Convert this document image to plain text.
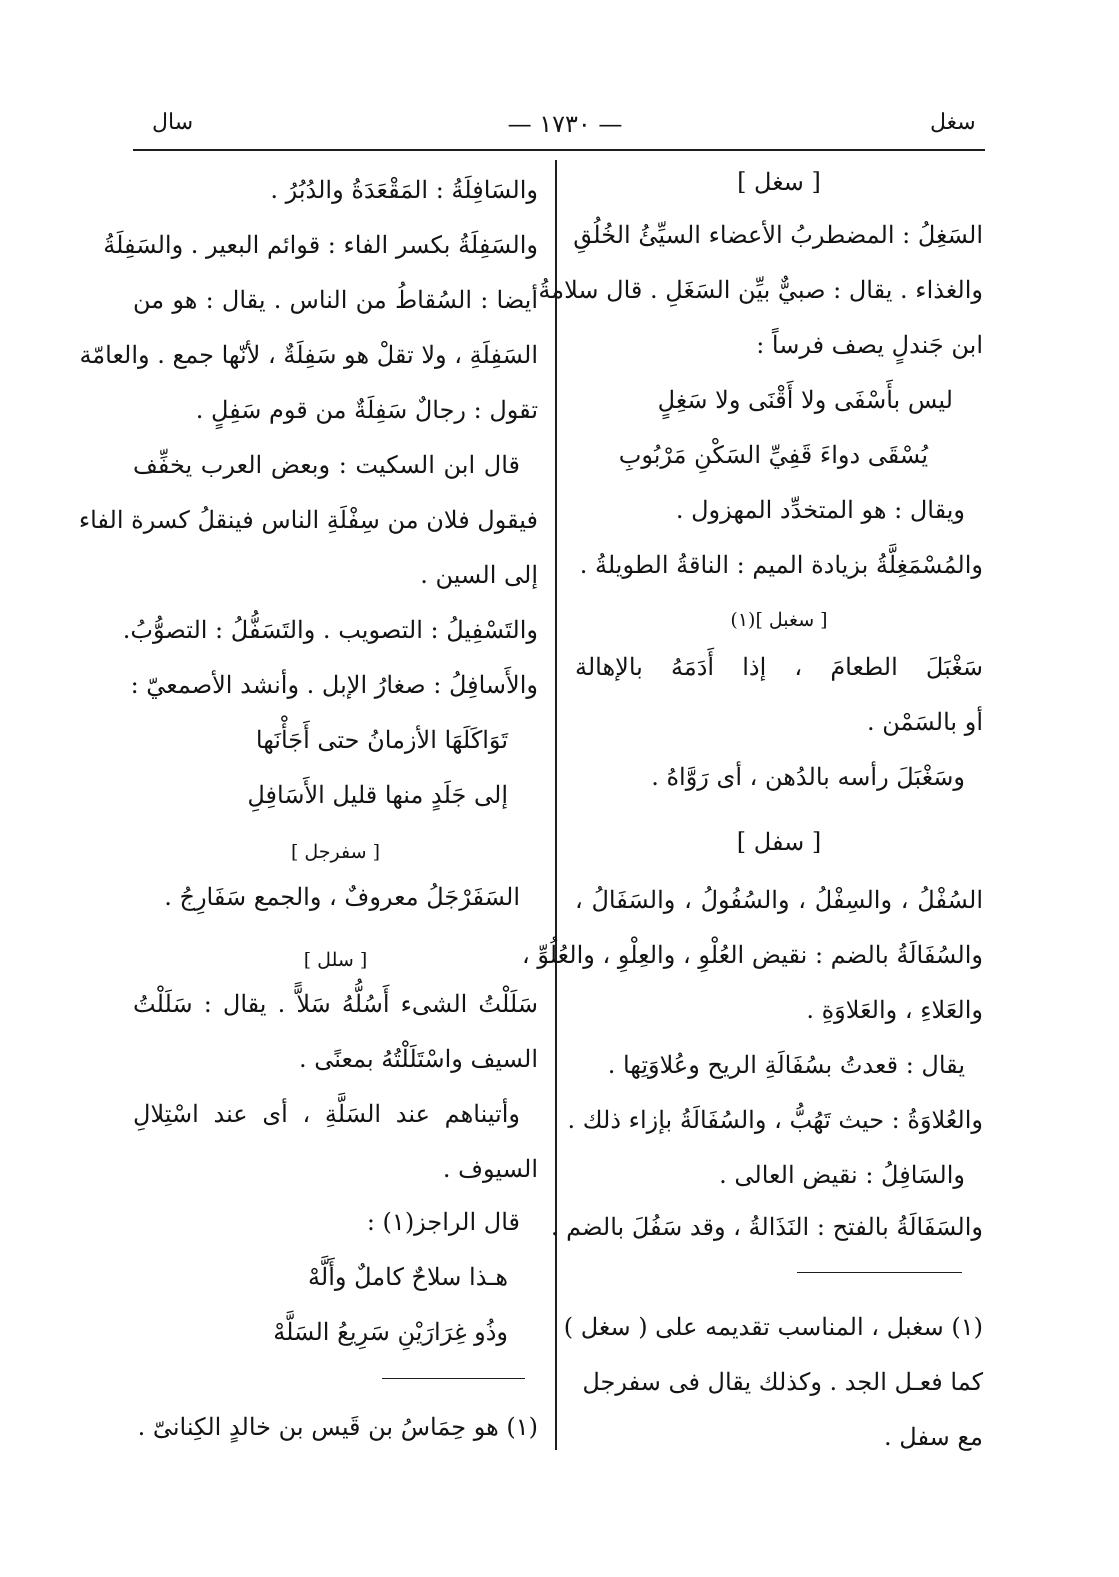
سال	— ١٧٣٠ —	سغل
[ سغل ]
السَغِلُ : المضطربُ الأعضاء السيِّئُ الخُلُقِ
والغذاء . يقال : صبيٌّ بيِّن السَغَلِ . قال سلامةُ
ابن جَندلٍ يصف فرساً :
ليس بأَسْفَى ولا أَقْنَى ولا سَغِلٍ
يُسْقَى دواءَ قَفِيِّ السَكْنِ مَرْبُوبِ
ويقال : هو المتخدِّد المهزول .
والمُسْمَغِلَّةُ بزيادة الميم : الناقةُ الطويلةُ .
[ سغبل ](١)
سَغْبَلَ الطعامَ ، إذا أَدَمَهُ بالإهالة
أو بالسَمْن .
وسَغْبَلَ رأسه بالدُهن ، أى رَوَّاهُ .
[ سفل ]
السُفْلُ ، والسِفْلُ ، والسُفُولُ ، والسَفَالُ ،
والسُفَالَةُ بالضم : نقيض العُلْوِ ، والعِلْوِ ، والعُلُوِّ ،
والعَلاءِ ، والعَلاوَةِ .
يقال : قعدتُ بسُفَالَةِ الريح وعُلاوَتِها .
والعُلاوَةُ : حيث تَهُبُّ ، والسُفَالَةُ بإزاء ذلك .
والسَافِلُ : نقيض العالى .
والسَفَالَةُ بالفتح : النَذَالةُ ، وقد سَفُلَ بالضم .
(١) سغبل ، المناسب تقديمه على ( سغل )
كما فعـل الجد . وكذلك يقال فى سفرجل
مع سفل .
والسَافِلَةُ : المَقْعَدَةُ والدُبُرُ .
والسَفِلَةُ بكسر الفاء : قوائم البعير . والسَفِلَةُ
أيضا : السُقاطُ من الناس . يقال : هو من
السَفِلَةِ ، ولا تقلْ هو سَفِلَةٌ ، لأنّها جمع . والعامّة
تقول : رجالٌ سَفِلَةٌ من قوم سَفِلٍ .
قال ابن السكيت : وبعض العرب يخفِّف
فيقول فلان من سِفْلَةِ الناس فينقلُ كسرة الفاء
إلى السين .
والتَسْفِيلُ : التصويب . والتَسَفُّلُ : التصوُّبُ.
والأَسافِلُ : صغارُ الإبل . وأنشد الأصمعيّ :
تَوَاكَلَهَا الأزمانُ حتى أَجَأْنَها
إلى جَلَدٍ منها قليل الأَسَافِلِ
[ سفرجل ]
السَفَرْجَلُ معروفٌ ، والجمع سَفَارِجُ .
[ سلل ]
سَلَلْتُ الشىء أَسُلُّهُ سَلاًّ . يقال : سَلَلْتُ
السيف واسْتَلَلْتُهُ بمعنًى .
وأتيناهم عند السَلَّةِ ، أى عند اسْتِلالِ
السيوف .
قال الراجز(١) :
هـذا سلاحٌ كاملٌ وأَلَّهْ
وذُو غِرَارَيْنِ سَرِيعُ السَلَّهْ
(١) هو حِمَاسُ بن قَيس بن خالدٍ الكِنانىّ .
